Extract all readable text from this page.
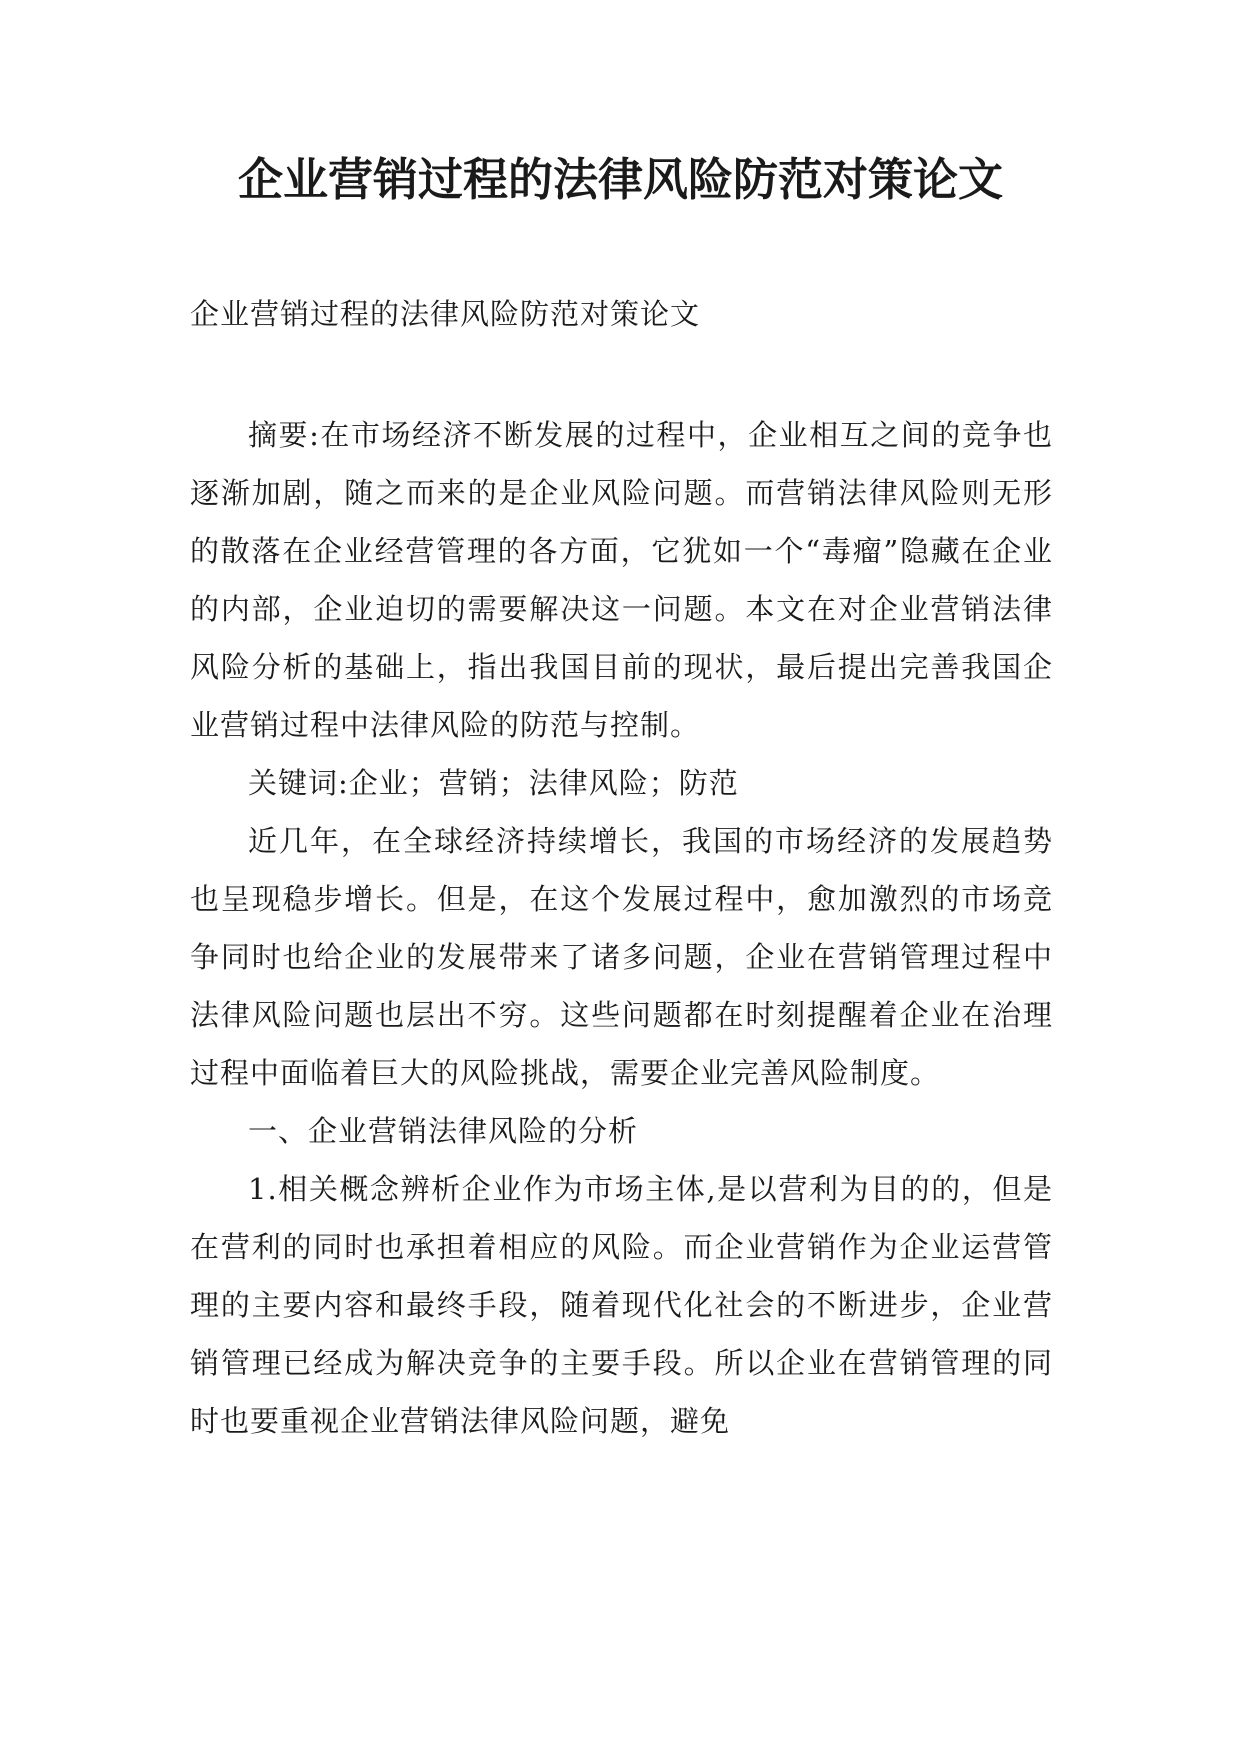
企业营销过程的法律风险防范对策论文
企业营销过程的法律风险防范对策论文

摘要:在市场经济不断发展的过程中，企业相互之间的竞争也逐渐加剧，随之而来的是企业风险问题。而营销法律风险则无形的散落在企业经营管理的各方面，它犹如一个“毒瘤”隐藏在企业的内部，企业迫切的需要解决这一问题。本文在对企业营销法律风险分析的基础上，指出我国目前的现状，最后提出完善我国企业营销过程中法律风险的防范与控制。

关键词:企业；营销；法律风险；防范

近几年，在全球经济持续增长，我国的市场经济的发展趋势也呈现稳步增长。但是，在这个发展过程中，愈加激烈的市场竞争同时也给企业的发展带来了诸多问题，企业在营销管理过程中法律风险问题也层出不穷。这些问题都在时刻提醒着企业在治理过程中面临着巨大的风险挑战，需要企业完善风险制度。

一、企业营销法律风险的分析

1.相关概念辨析企业作为市场主体,是以营利为目的的，但是在营利的同时也承担着相应的风险。而企业营销作为企业运营管理的主要内容和最终手段，随着现代化社会的不断进步，企业营销管理已经成为解决竞争的主要手段。所以企业在营销管理的同时也要重视企业营销法律风险问题，避免
